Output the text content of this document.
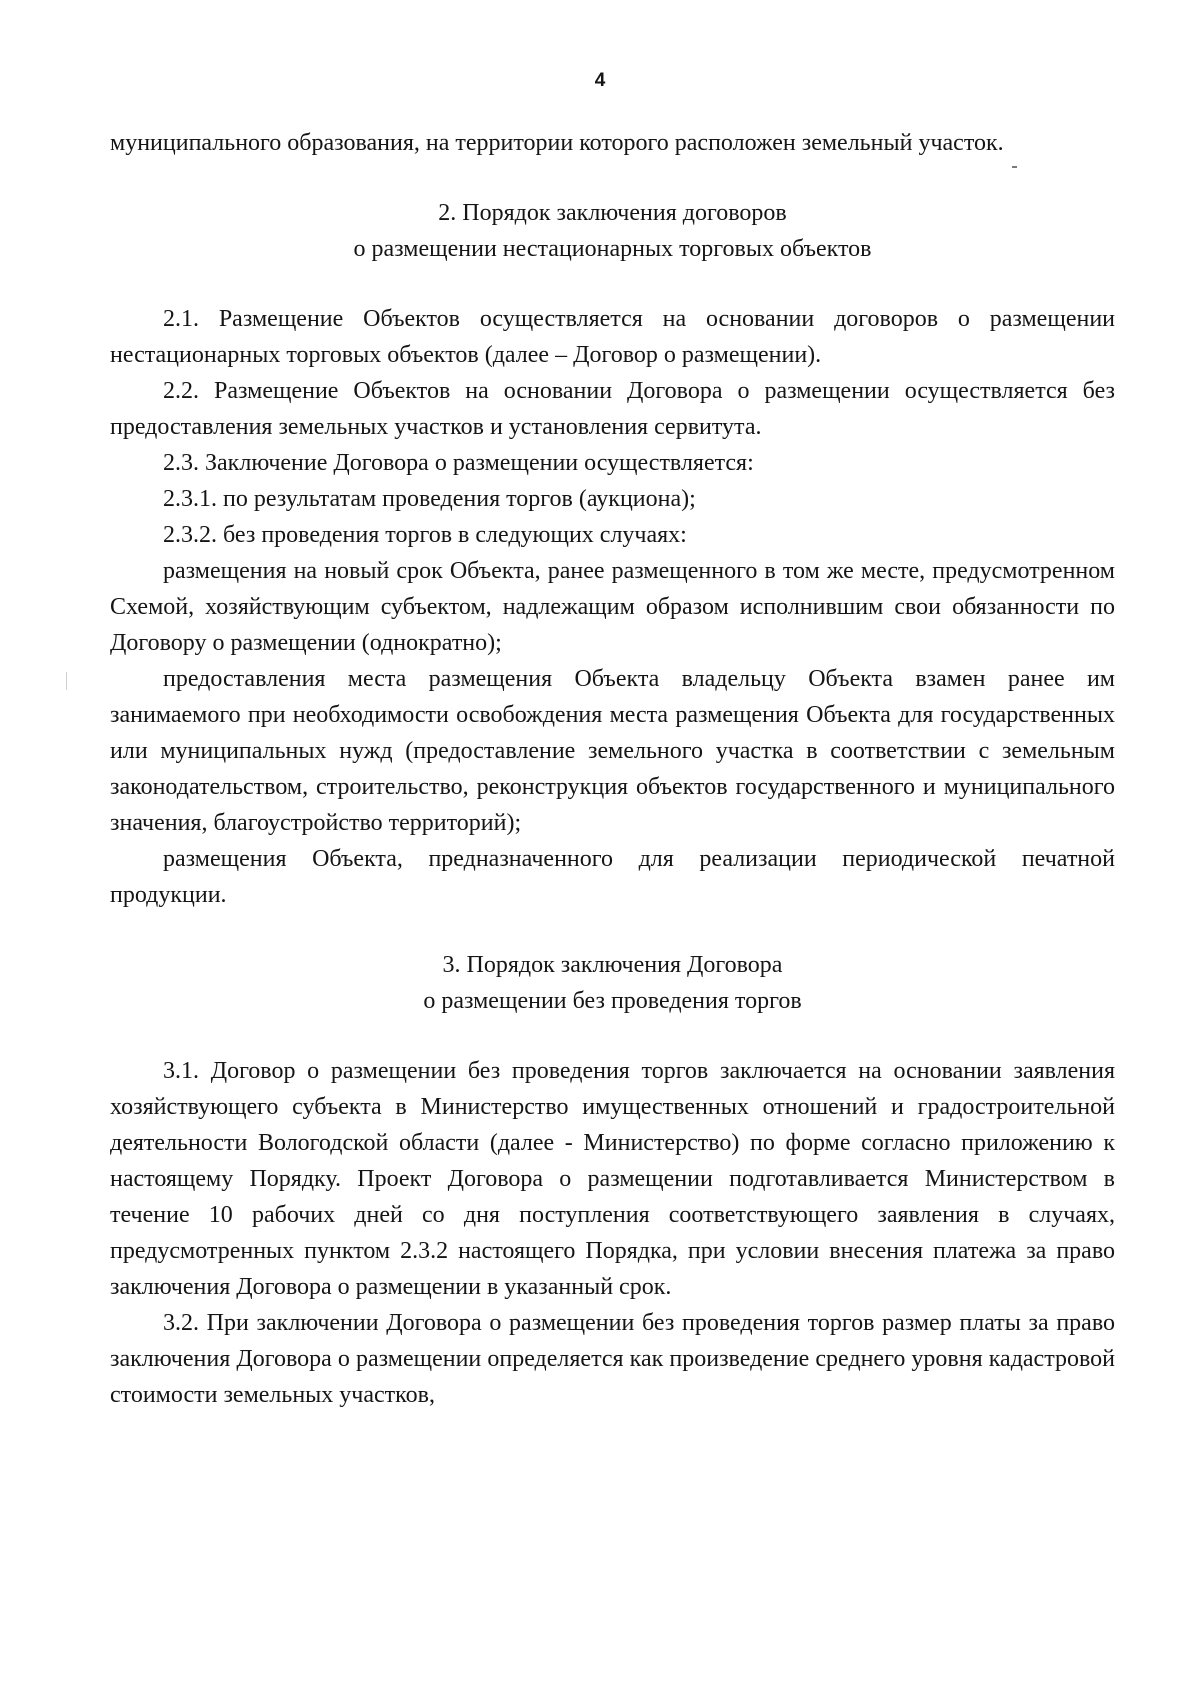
4

муниципального образования, на территории которого расположен земельный участок.

2. Порядок заключения договоров
о размещении нестационарных торговых объектов

2.1. Размещение Объектов осуществляется на основании договоров о размещении нестационарных торговых объектов (далее – Договор о размещении).

2.2. Размещение Объектов на основании Договора о размещении осуществляется без предоставления земельных участков и установления сервитута.

2.3. Заключение Договора о размещении осуществляется:

2.3.1. по результатам проведения торгов (аукциона);

2.3.2. без проведения торгов в следующих случаях:

размещения на новый срок Объекта, ранее размещенного в том же месте, предусмотренном Схемой, хозяйствующим субъектом, надлежащим образом исполнившим свои обязанности по Договору о размещении (однократно);

предоставления места размещения Объекта владельцу Объекта взамен ранее им занимаемого при необходимости освобождения места размещения Объекта для государственных или муниципальных нужд (предоставление земельного участка в соответствии с земельным законодательством, строительство, реконструкция объектов государственного и муниципального значения, благоустройство территорий);

размещения Объекта, предназначенного для реализации периодической печатной продукции.

3. Порядок заключения Договора
о размещении без проведения торгов

3.1. Договор о размещении без проведения торгов заключается на основании заявления хозяйствующего субъекта в Министерство имущественных отношений и градостроительной деятельности Вологодской области (далее - Министерство) по форме согласно приложению к настоящему Порядку. Проект Договора о размещении подготавливается Министерством в течение 10 рабочих дней со дня поступления соответствующего заявления в случаях, предусмотренных пунктом 2.3.2 настоящего Порядка, при условии внесения платежа за право заключения Договора о размещении в указанный срок.

3.2. При заключении Договора о размещении без проведения торгов размер платы за право заключения Договора о размещении определяется как произведение среднего уровня кадастровой стоимости земельных участков,
